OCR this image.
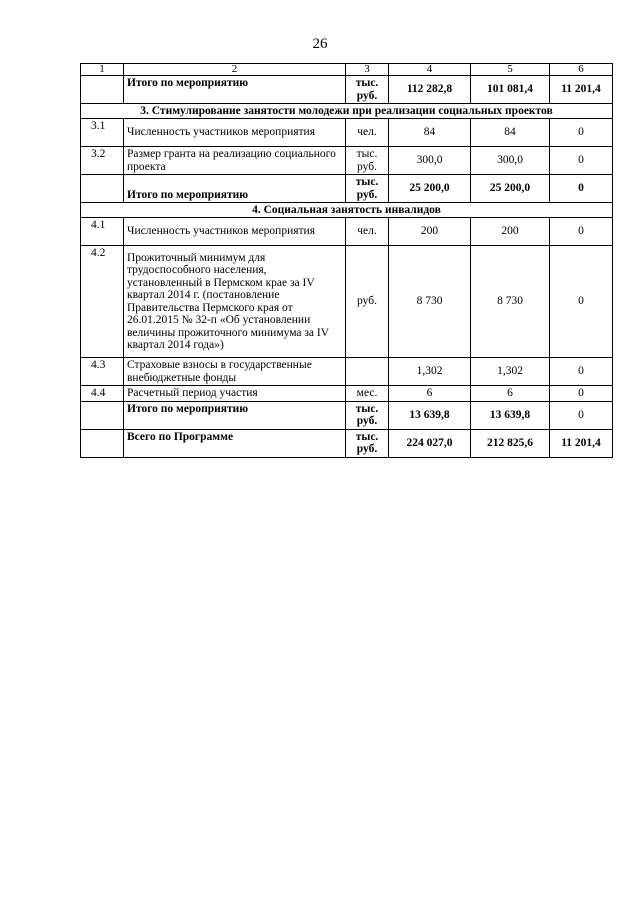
26
1	2	3	4	5	6
	Итого по мероприятию	тыс. руб.	112 282,8	101 081,4	11 201,4
3. Стимулирование занятости молодежи при реализации социальных проектов					
3.1	Численность участников мероприятия	чел.	84	84	0
3.2	Размер гранта на реализацию социального проекта	тыс. руб.	300,0	300,0	0
	Итого по мероприятию	тыс. руб.	25 200,0	25 200,0	0
4. Социальная занятость инвалидов					
4.1	Численность участников мероприятия	чел.	200	200	0
4.2	Прожиточный минимум для трудоспособного населения, установленный в Пермском крае за IV квартал 2014 г. (постановление Правительства Пермского края от 26.01.2015 № 32-п «Об установлении величины прожиточного минимума за IV квартал 2014 года»)	руб.	8 730	8 730	0
4.3	Страховые взносы в государственные внебюджетные фонды		1,302	1,302	0
4.4	Расчетный период участия	мес.	6	6	0
	Итого по мероприятию	тыс. руб.	13 639,8	13 639,8	0
	Всего по Программе	тыс. руб.	224 027,0	212 825,6	11 201,4
